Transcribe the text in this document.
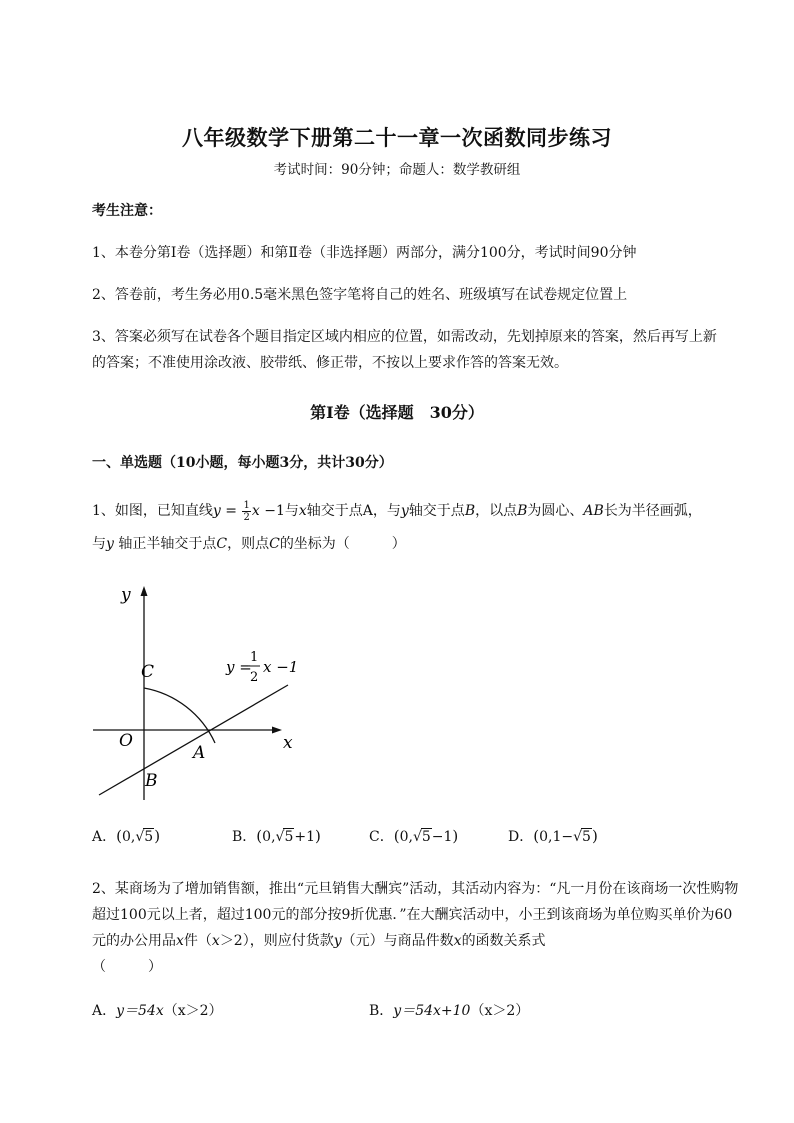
八年级数学下册第二十一章一次函数同步练习
考试时间：90分钟；命题人：数学教研组
考生注意：
1、本卷分第Ⅰ卷（选择题）和第Ⅱ卷（非选择题）两部分，满分100分，考试时间90分钟
2、答卷前，考生务必用0.5毫米黑色签字笔将自己的姓名、班级填写在试卷规定位置上
3、答案必须写在试卷各个题目指定区域内相应的位置，如需改动，先划掉原来的答案，然后再写上新
的答案；不准使用涂改液、胶带纸、修正带，不按以上要求作答的答案无效。
第Ⅰ卷（选择题　30分）
一、单选题（10小题，每小题3分，共计30分）
1、如图，已知直线$y = \frac{1}{2}$ x −1与x轴交于点A，与y轴交于点B，以点B为圆心、AB长为半径画弧，
与y 轴正半轴交于点C，则点C的坐标为（　　　）
y
x
O
A
B
C	y =
1
2
x −1
A．(0,√5)	B．(0,√5+1)	C．(0,√5−1)	D．(0,1−√5)
2、某商场为了增加销售额，推出“元旦销售大酬宾”活动，其活动内容为：“凡一月份在该商场一次性购物超过100元以上者，超过100元的部分按9折优惠．”在大酬宾活动中，小王到该商场为单位购买单价为60元的办公用品x件（x＞2），则应付货款y（元）与商品件数x的函数关系式
（　　　）
A．y＝54x（x＞2）	B．y＝54x+10（x＞2）
